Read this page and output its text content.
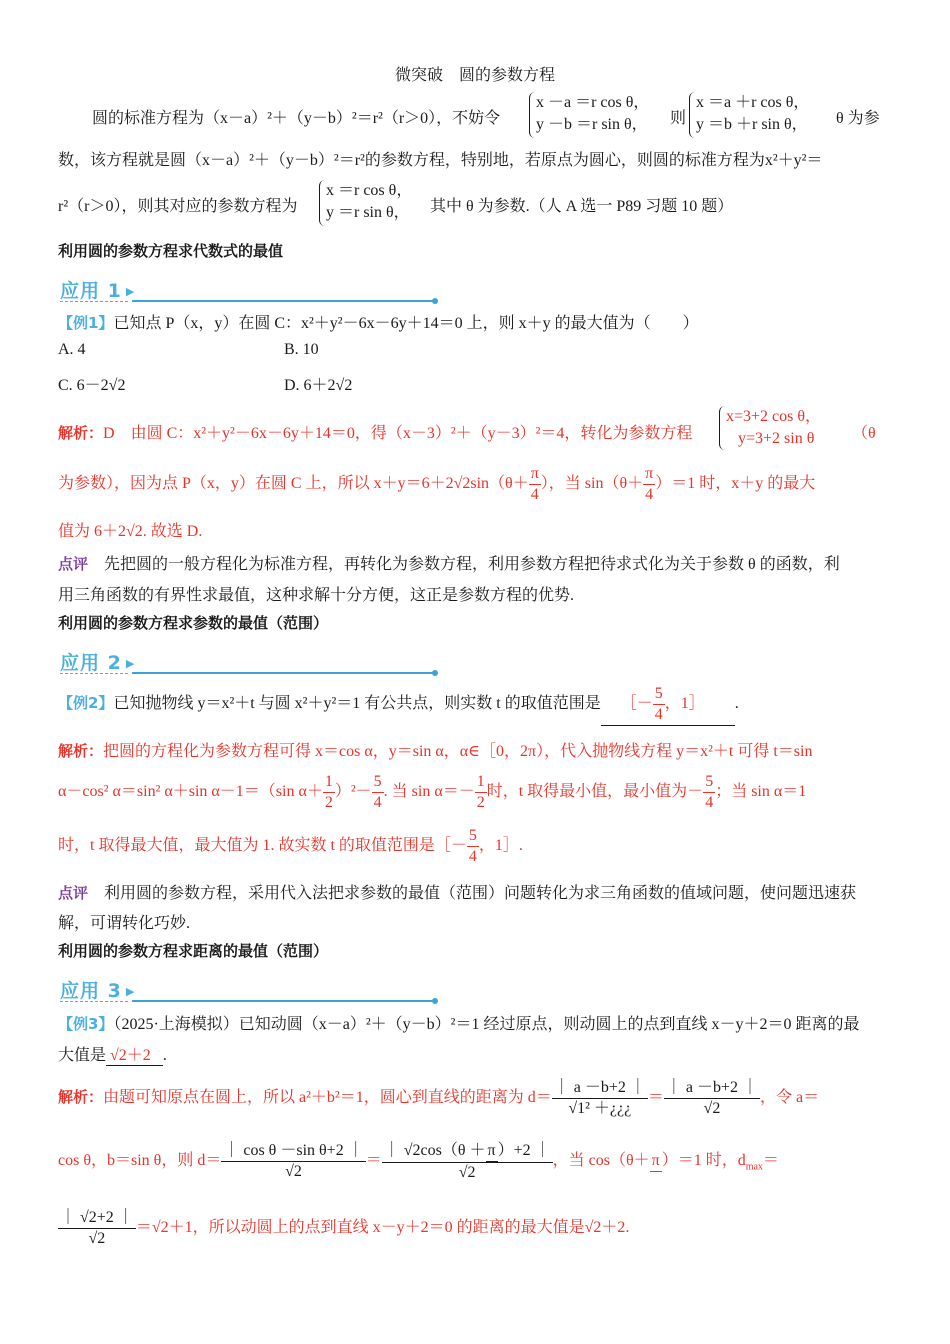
微突破　圆的参数方程
圆的标准方程为（x－a）²＋（y－b）²＝r²（r＞0），不妨令
x －a ＝r cos θ，
y －b ＝r sin θ， 则
x ＝a ＋r cos θ，
y ＝b ＋r sin θ， θ 为参
数，该方程就是圆（x－a）²＋（y－b）²＝r²的参数方程，特别地，若原点为圆心，则圆的标准方程为x²＋y²＝
r²（r＞0），则其对应的参数方程为
x ＝r cos θ，
y ＝r sin θ， 其中 θ 为参数.（人 A 选一 P89 习题 10 题）
利用圆的参数方程求代数式的最值
应用 1 ▶
【例1】已知点 P（x，y）在圆 C：x²＋y²－6x－6y＋14＝0 上，则 x＋y 的最大值为（　　）
A. 4	B. 10
C. 6－2√2	D. 6＋2√2
解析：D　由圆 C：x²＋y²－6x－6y＋14＝0，得（x－3）²＋（y－3）²＝4，转化为参数方程
x=3+2 cos θ，
y=3+2 sin θ	（θ
为参数），因为点 P（x，y）在圆 C 上，所以 $x+y=6+2√2\sin(\theta+ \frac{\pi}{4}$ ），当 $\sin(\theta+ \frac{\pi}{4} )=1$ 时，x＋y 的最大
值为 6＋2√2. 故选 D.
点评　 先把圆的一般方程化为标准方程，再转化为参数方程，利用参数方程把待求式化为关于参数 θ 的函数，利
用三角函数的有界性求最值，这种求解十分方便，这正是参数方程的优势.
利用圆的参数方程求参数的最值（范围）
应用 2 ▶
【例2】已知抛物线 y＝x²＋t 与圆 x²＋y²＝1 有公共点，则实数 t 的取值范围是 ［－ $\frac{5}{4}$ ，1］ .
解析：把圆的方程化为参数方程可得 x＝cos α，y＝sin α，α∈［0，2π），代入抛物线方程 y＝x²＋t 可得 t＝sin
α－cos² α＝sin² α＋sin α－1＝（sin $\alpha+ \frac{1}{2} )^2- \frac{5}{4}$ . 当 $\sin \alpha=- \frac{1}{2}$ 时，t 取得最小值，最小值为－ $\frac{5}{4}$ ；当 sin α＝1
时，t 取得最大值，最大值为 1. 故实数 t 的取值范围是［－ $\frac{5}{4}$ ，1］.
点评　 利用圆的参数方程，采用代入法把求参数的最值（范围）问题转化为求三角函数的值域问题，使问题迅速获
解，可谓转化巧妙.
利用圆的参数方程求距离的最值（范围）
应用 3 ▶
【例3】（2025·上海模拟）已知动圆（x－a）²＋（y－b）²＝1 经过原点，则动圆上的点到直线 x－y＋2＝0 距离的最
大值是 √2＋2 .
解析：由题可知原点在圆上，所以 a²＋b²＝1，圆心到直线的距离为 $d= \frac{| a -b+2 |}{\text{√1² ＋¿¿¿}} = \frac{| a -b+2 |}{√2}$ ，令 a＝
cos θ，b＝sin θ，则 $d= \frac{\text{｜ cos θ －sin θ+2 ｜}}{√2} = \frac{| √2\cos(\theta + \pi )+2 |}{√2}$ ，当 cos（θ＋ π ）＝1 时，$d_{max}=$
$\frac{| √2+2 |}{√2} =√2+1$，所以动圆上的点到直线 x－y＋2＝0 的距离的最大值是√2＋2.
